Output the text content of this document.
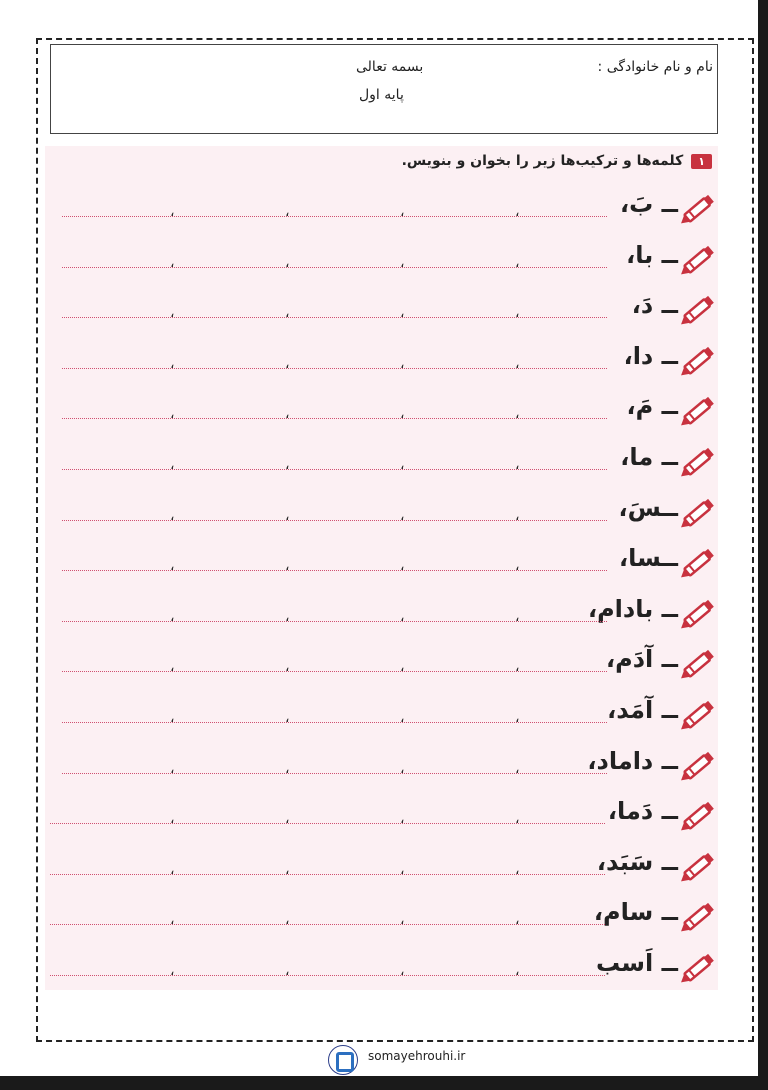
نام و نام خانوادگی :
بسمه تعالی
پایه اول
۱
کلمه‌ها و ترکیب‌ها زیر را بخوان و بنویس.
ــ بَ،
،	،	،	،
ــ با،
،	،	،	،
ــ دَ،
،	،	،	،
ــ دا،
،	،	،	،
ــ مَ،
،	،	،	،
ــ ما،
،	،	،	،
ــسَ،
،	،	،	،
ــسا،
،	،	،	،
ــ بادام،
،	،	،	،
ــ آدَم،
،	،	،	،
ــ آمَد،
،	،	،	،
ــ داماد،
،	،	،	،
ــ دَما،
،	،	،	،
ــ سَبَد،
،	،	،	،
ــ سام،
،	،	،	،
ــ اَسب
،	،	،	،
somayehrouhi.ir
